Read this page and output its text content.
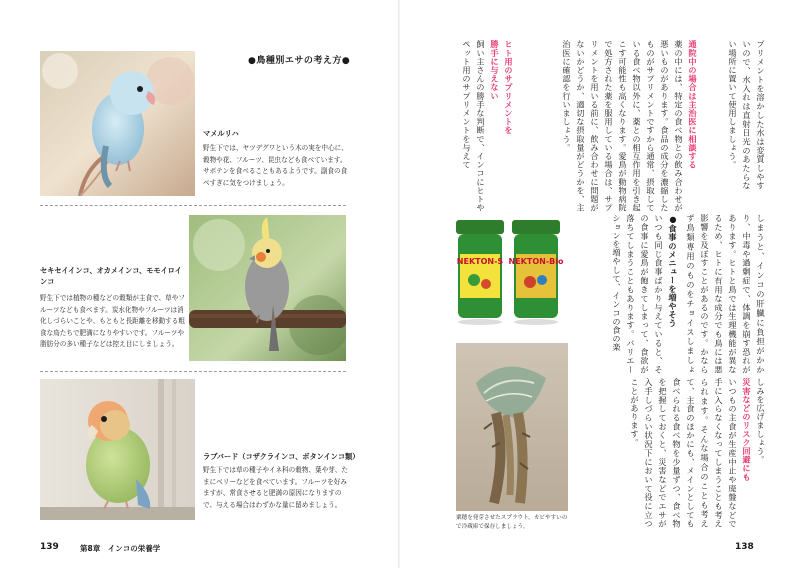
●鳥種別エサの考え方●
マメルリハ
野生下では、ヤツデグワという木の実を中心に、穀物や花、フルーツ、昆虫なども食べています。サボテンを食べることもあるようです。副食の食べすぎに気をつけましょう。
セキセイインコ、オカメインコ、モモイロインコ
野生下では植物の種などの穀類が主食で、草やフルーツなども食べます。炭水化物やフルーツは消化しづらいことや、もともと長距離を移動する粗食な鳥たちで肥満になりやすいです。フルーツや脂肪分の多い種子などは控え目にしましょう。
ラブバード（コザクラインコ、ボタンインコ類）
野生下では草の種子やイネ科の穀物、葉や芽、たまにベリーなどを食べています。フルーツを好みますが、常食させると肥満の原因になりますので、与える場合はわずかな量に留めましょう。
139	第8章　インコの栄養学

プリメントを溶かした水は変質しやすいので、水入れは直射日光のあたらない場所に置いて使用しましょう。

通院中の場合は主治医に相談する

薬の中には、特定の食べ物との飲み合わせが悪いものがあります。食品の成分を濃縮したものがサプリメントですから通常、摂取している食べ物以外に、薬との相互作用を引き起こす可能性も高くなります。愛鳥が動物病院で処方された薬を服用している場合は、サプリメントを用いる前に、飲み合わせに問題がないかどうか、適切な摂取量がどうかを、主治医に確認を行いましょう。

ヒト用のサプリメントを

勝手に与えない

飼い主さんの勝手な判断で、インコにヒトやペット用のサプリメントを与えて

しまうと、インコの肝臓に負担がかかり、中毒や過剰症で、体調を崩す恐れがあります。ヒトと鳥では生理機能が異なるため、ヒトに有用な成分でも鳥には悪影響を及ぼすことがあるのです。かならず鳥類専用のものをチョイスしましょ

●食事のメニューを増やそう

いつも同じ食事ばかり与えていると、その食事に愛鳥が飽きてしまって、食欲が落ちてしまうこともあります。バリエーションを増やして、インコの食の楽

しみを広げましょう。

災害などのリスク回避にも

いつもの主食が生産中止や廃盤などで手に入らなくなってしまうことも考えられます。そんな場合のことも考えて、主食のほかにも、メインとしても食べられる食べ物を少量ずつ、食べ物を把握しておくと、災害などでエサが入手しづらい状況下において役に立つことがあります。

NEKTON-S NEKTON-Bio
粟穂を発芽させたスプラウト。カビやすいので冷蔵庫で保存しましょう。
138
